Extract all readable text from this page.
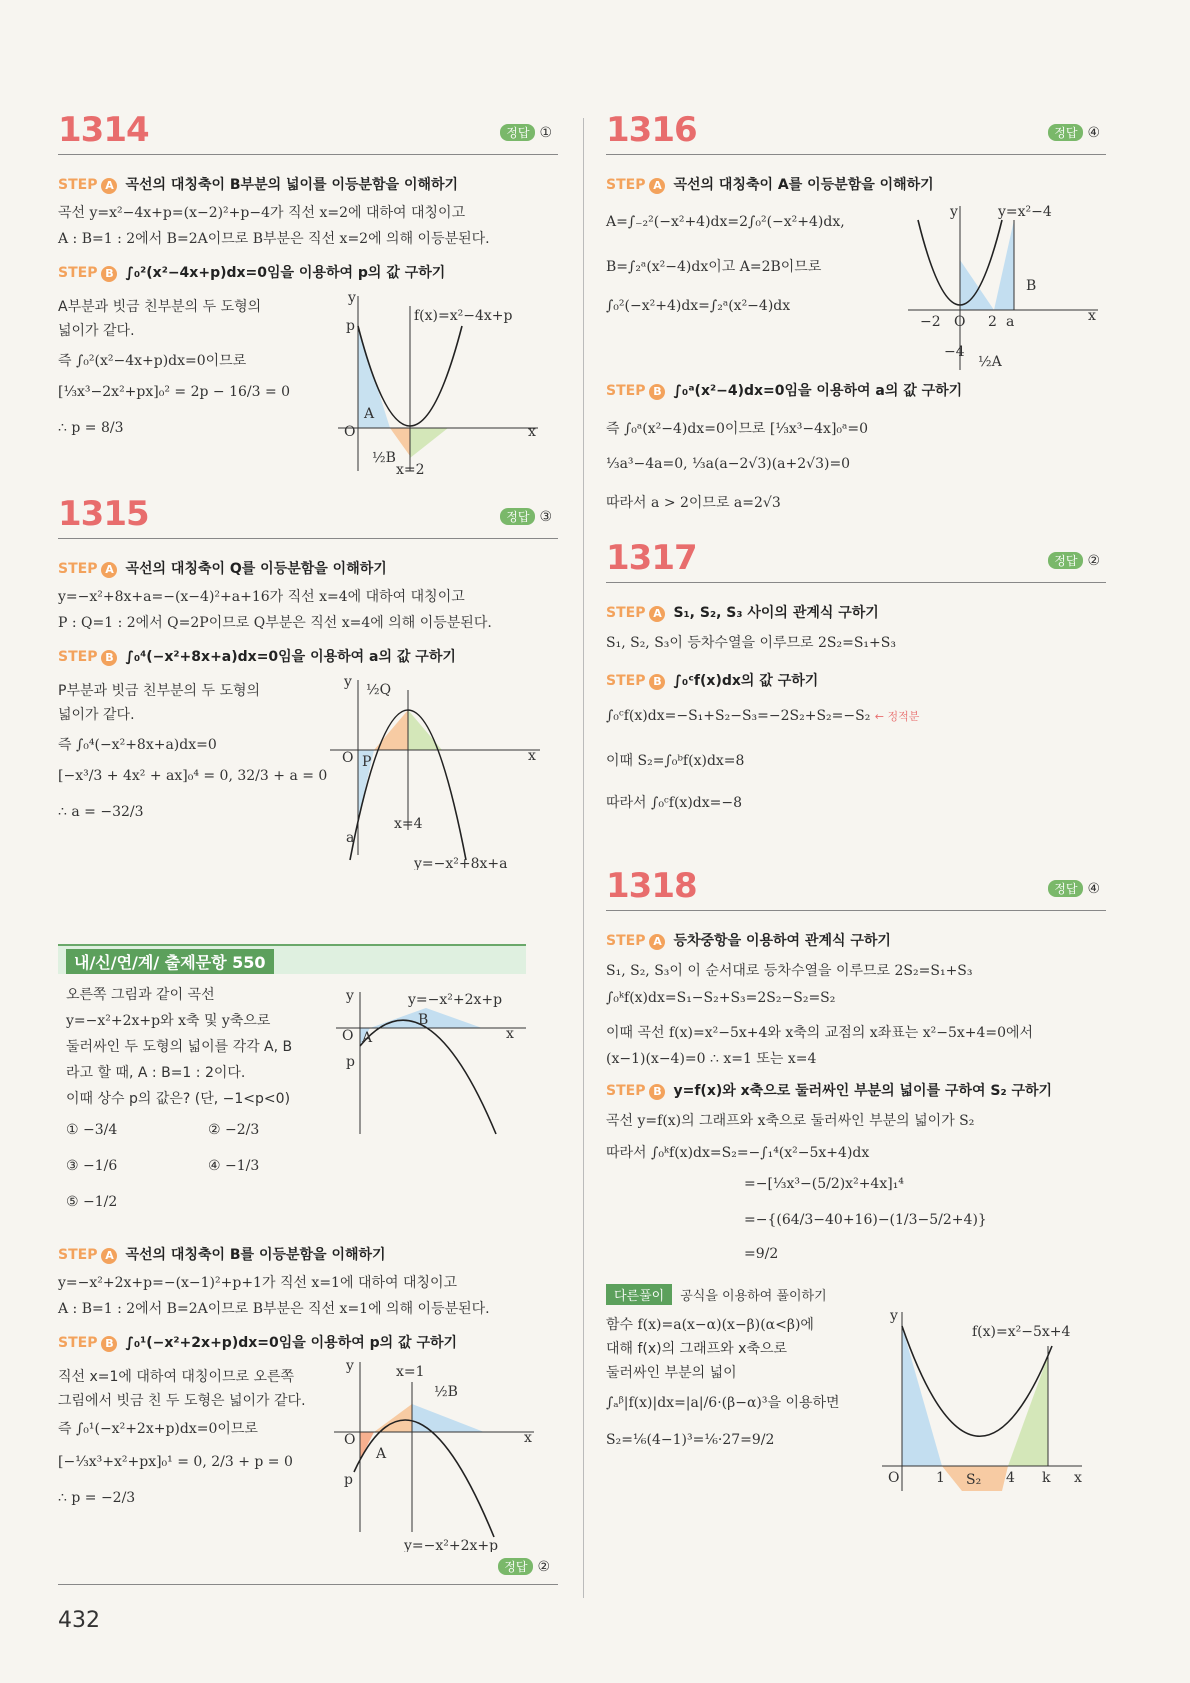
1314	정답 ①
STEP A 곡선의 대칭축이 B부분의 넓이를 이등분함을 이해하기
곡선 y=x²−4x+p=(x−2)²+p−4가 직선 x=2에 대하여 대칭이고
A : B=1 : 2에서 B=2A이므로 B부분은 직선 x=2에 의해 이등분된다.
STEP B ∫₀²(x²−4x+p)dx=0임을 이용하여 p의 값 구하기
A부분과 빗금 친부분의 두 도형의
넓이가 같다.
즉 ∫₀²(x²−4x+p)dx=0이므로
[⅓x³−2x²+px]₀² = 2p − 16/3 = 0
∴ p = 8/3
y
x
O
p
A
½B
f(x)=x²−4x+p
x=2
1315	정답 ③
STEP A 곡선의 대칭축이 Q를 이등분함을 이해하기
y=−x²+8x+a=−(x−4)²+a+16가 직선 x=4에 대하여 대칭이고
P : Q=1 : 2에서 Q=2P이므로 Q부분은 직선 x=4에 의해 이등분된다.
STEP B ∫₀⁴(−x²+8x+a)dx=0임을 이용하여 a의 값 구하기
P부분과 빗금 친부분의 두 도형의
넓이가 같다.
즉 ∫₀⁴(−x²+8x+a)dx=0
[−x³/3 + 4x² + ax]₀⁴ = 0, 32/3 + a = 0
∴ a = −32/3
y
x
O P
½Q
a
x=4
y=−x²+8x+a
내/신/연/계/ 출제문항 550
오른쪽 그림과 같이 곡선
y=−x²+2x+p와 x축 및 y축으로
둘러싸인 두 도형의 넓이를 각각 A, B
라고 할 때, A : B=1 : 2이다.
이때 상수 p의 값은? (단, −1<p<0)
① −3/4	② −2/3
③ −1/6	④ −1/3
⑤ −1/2
y
x
O A
B
p
y=−x²+2x+p
STEP A 곡선의 대칭축이 B를 이등분함을 이해하기
y=−x²+2x+p=−(x−1)²+p+1가 직선 x=1에 대하여 대칭이고
A : B=1 : 2에서 B=2A이므로 B부분은 직선 x=1에 의해 이등분된다.
STEP B ∫₀¹(−x²+2x+p)dx=0임을 이용하여 p의 값 구하기
직선 x=1에 대하여 대칭이므로 오른쪽
그림에서 빗금 친 두 도형은 넓이가 같다.
즉 ∫₀¹(−x²+2x+p)dx=0이므로
[−⅓x³+x²+px]₀¹ = 0, 2/3 + p = 0
∴ p = −2/3
y
x
O
x=1
½B
A
p
y=−x²+2x+p
정답 ②
1316	정답 ④
STEP A 곡선의 대칭축이 A를 이등분함을 이해하기
A=∫₋₂²(−x²+4)dx=2∫₀²(−x²+4)dx,
B=∫₂ᵃ(x²−4)dx이고 A=2B이므로
∫₀²(−x²+4)dx=∫₂ᵃ(x²−4)dx
y
x
O
−2	2 a
−4
B
½A
y=x²−4
STEP B ∫₀ᵃ(x²−4)dx=0임을 이용하여 a의 값 구하기
즉 ∫₀ᵃ(x²−4)dx=0이므로 [⅓x³−4x]₀ᵃ=0
⅓a³−4a=0, ⅓a(a−2√3)(a+2√3)=0
따라서 a > 2이므로 a=2√3
1317	정답 ②
STEP A S₁, S₂, S₃ 사이의 관계식 구하기
S₁, S₂, S₃이 등차수열을 이루므로 2S₂=S₁+S₃
STEP B ∫₀ᶜf(x)dx의 값 구하기
∫₀ᶜf(x)dx=−S₁+S₂−S₃=−2S₂+S₂=−S₂ ← 정적분
이때 S₂=∫₀ᵇf(x)dx=8
따라서 ∫₀ᶜf(x)dx=−8
1318	정답 ④
STEP A 등차중항을 이용하여 관계식 구하기
S₁, S₂, S₃이 이 순서대로 등차수열을 이루므로 2S₂=S₁+S₃
∫₀ᵏf(x)dx=S₁−S₂+S₃=2S₂−S₂=S₂
이때 곡선 f(x)=x²−5x+4와 x축의 교점의 x좌표는 x²−5x+4=0에서
(x−1)(x−4)=0 ∴ x=1 또는 x=4
STEP B y=f(x)와 x축으로 둘러싸인 부분의 넓이를 구하여 S₂ 구하기
곡선 y=f(x)의 그래프와 x축으로 둘러싸인 부분의 넓이가 S₂
따라서 ∫₀ᵏf(x)dx=S₂=−∫₁⁴(x²−5x+4)dx
=−[⅓x³−(5/2)x²+4x]₁⁴
=−{(64/3−40+16)−(1/3−5/2+4)}
=9/2
다른풀이 공식을 이용하여 풀이하기
함수 f(x)=a(x−α)(x−β)(α<β)에
대해 f(x)의 그래프와 x축으로
둘러싸인 부분의 넓이
∫ₐᵝ|f(x)|dx=|a|/6·(β−α)³을 이용하면
S₂=⅙(4−1)³=⅙·27=9/2
y
x
O	1	4 k
S₂
f(x)=x²−5x+4
432
